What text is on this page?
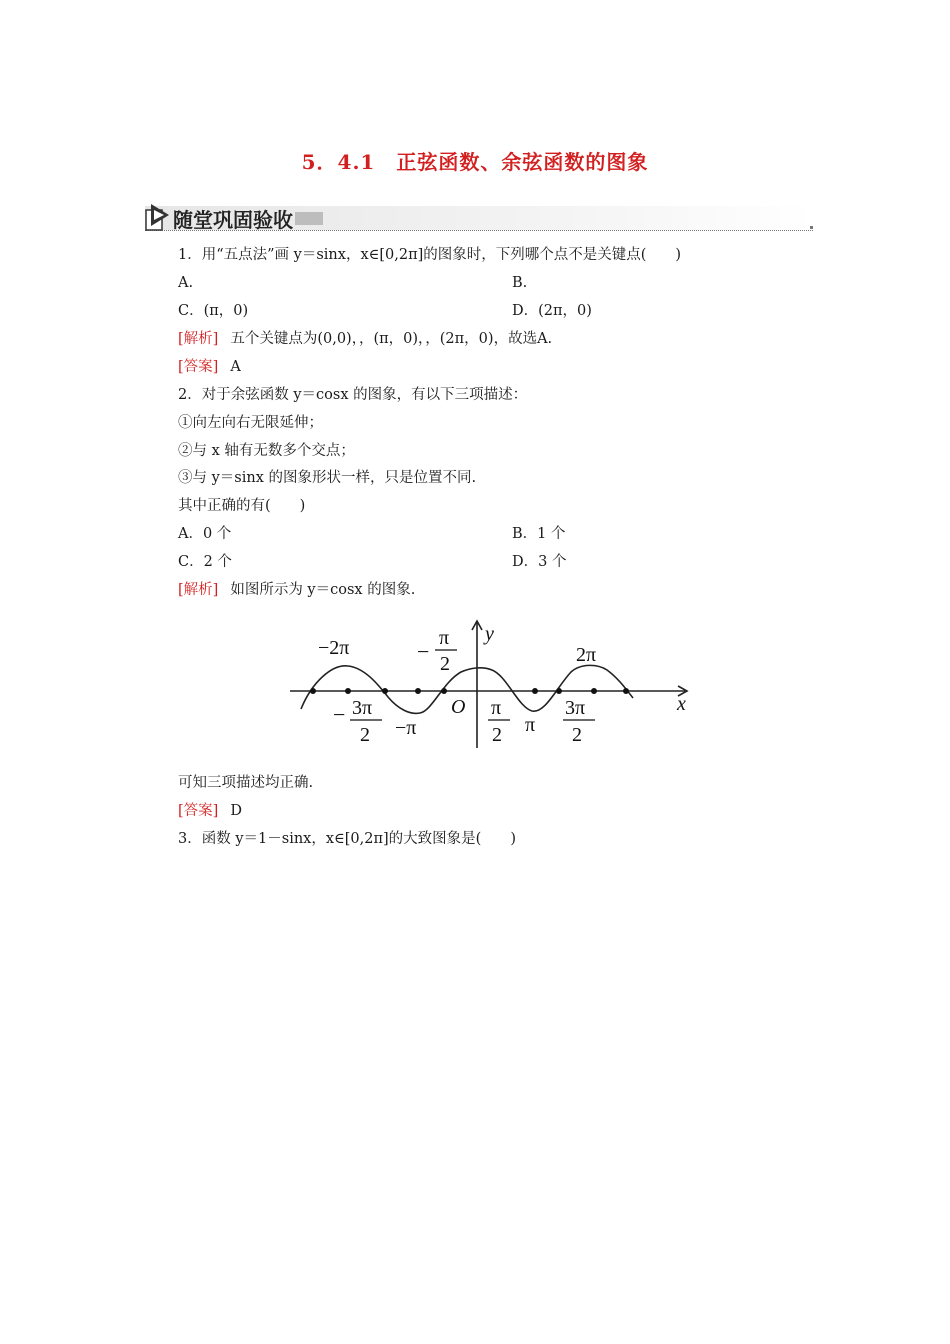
5．4.1　正弦函数、余弦函数的图象
随堂巩固验收
1．用“五点法”画 y＝sinx，x∈[0,2π]的图象时，下列哪个点不是关键点(　　)
A.	B.
C．(π，0)	D．(2π，0)
[解析] 五个关键点为(0,0)，，(π，0)，，(2π，0)，故选A.
[答案] A
2．对于余弦函数 y＝cosx 的图象，有以下三项描述：
①向左向右无限延伸；
②与 x 轴有无数多个交点；
③与 y＝sinx 的图象形状一样，只是位置不同.
其中正确的有(　　)
A．0 个	B．1 个
C．2 个	D．3 个
[解析] 如图所示为 y＝cosx 的图象.
−2π	−
π
2
y
2π
− 3π
2 −π
O π
2 π
3π
2
x
可知三项描述均正确.
[答案] D
3．函数 y＝1－sinx，x∈[0,2π]的大致图象是(　　)
